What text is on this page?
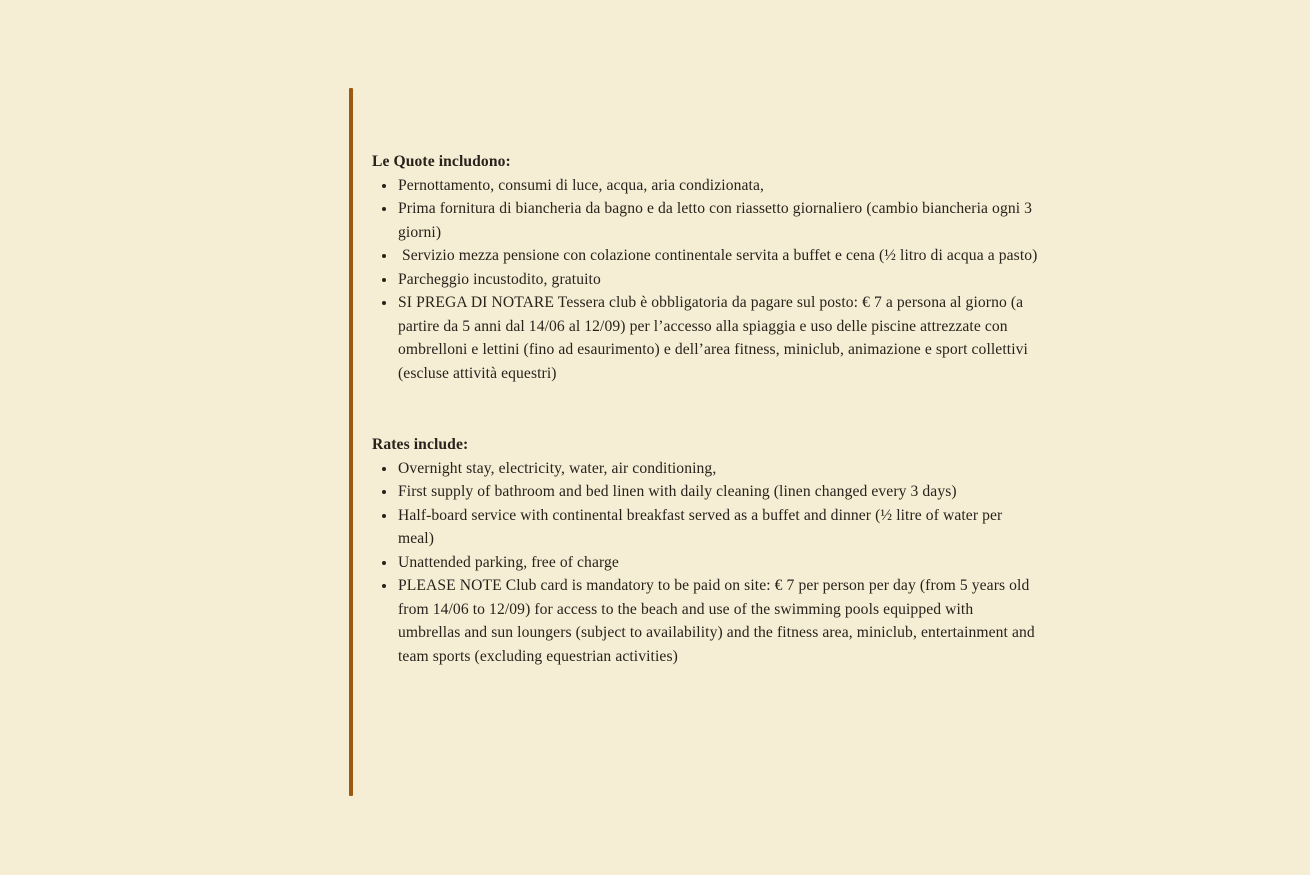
Le Quote includono:

Pernottamento, consumi di luce, acqua, aria condizionata,
Prima fornitura di biancheria da bagno e da letto con riassetto giornaliero (cambio biancheria ogni 3 giorni)
Servizio mezza pensione con colazione continentale servita a buffet e cena (½ litro di acqua a pasto)
Parcheggio incustodito, gratuito
SI PREGA DI NOTARE Tessera club è obbligatoria da pagare sul posto: € 7 a persona al giorno (a partire da 5 anni dal 14/06 al 12/09) per l’accesso alla spiaggia e uso delle piscine attrezzate con ombrelloni e lettini (fino ad esaurimento) e dell’area fitness, miniclub, animazione e sport collettivi (escluse attività equestri)

Rates include:

Overnight stay, electricity, water, air conditioning,
First supply of bathroom and bed linen with daily cleaning (linen changed every 3 days)
Half-board service with continental breakfast served as a buffet and dinner (½ litre of water per meal)
Unattended parking, free of charge
PLEASE NOTE Club card is mandatory to be paid on site: € 7 per person per day (from 5 years old from 14/06 to 12/09) for access to the beach and use of the swimming pools equipped with umbrellas and sun loungers (subject to availability) and the fitness area, miniclub, entertainment and team sports (excluding equestrian activities)
